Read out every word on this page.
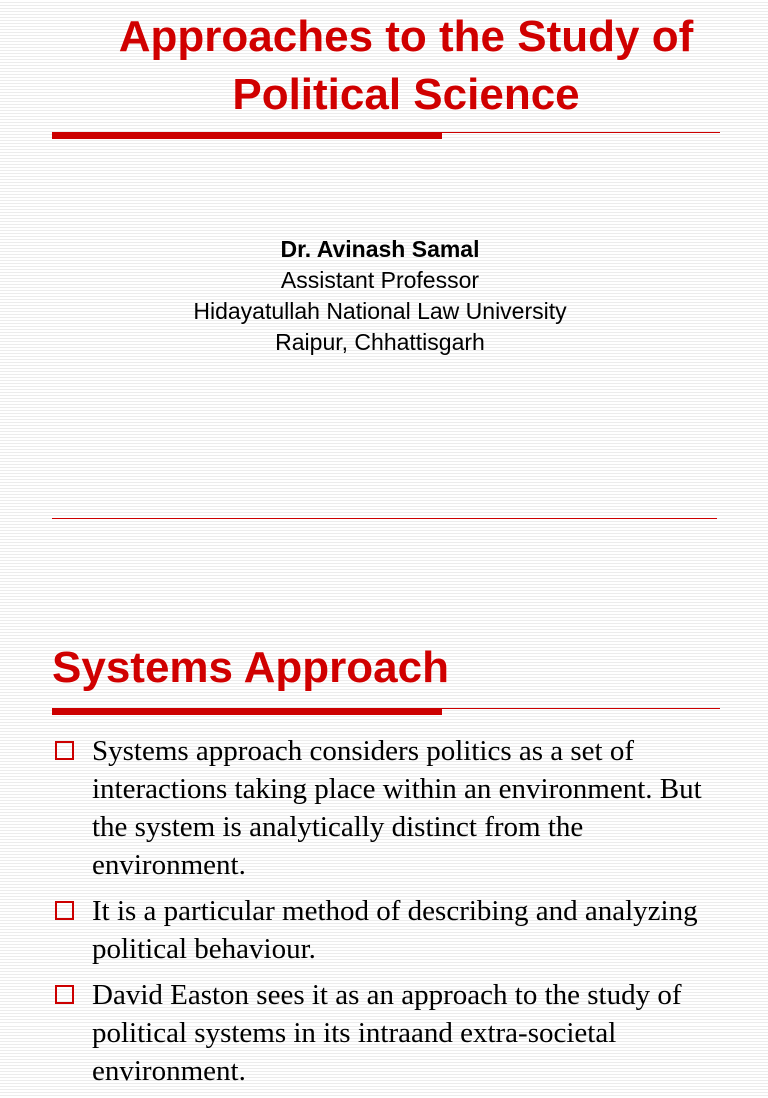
Approaches to the Study of
Political Science
Dr. Avinash Samal
Assistant Professor
Hidayatullah National Law University
Raipur, Chhattisgarh
Systems Approach
Systems approach considers politics as a set of interactions taking place within an environment. But the system is analytically distinct from the environment.
It is a particular method of describing and analyzing political behaviour.
David Easton sees it as an approach to the study of political systems in its intraand extra-societal environment.
